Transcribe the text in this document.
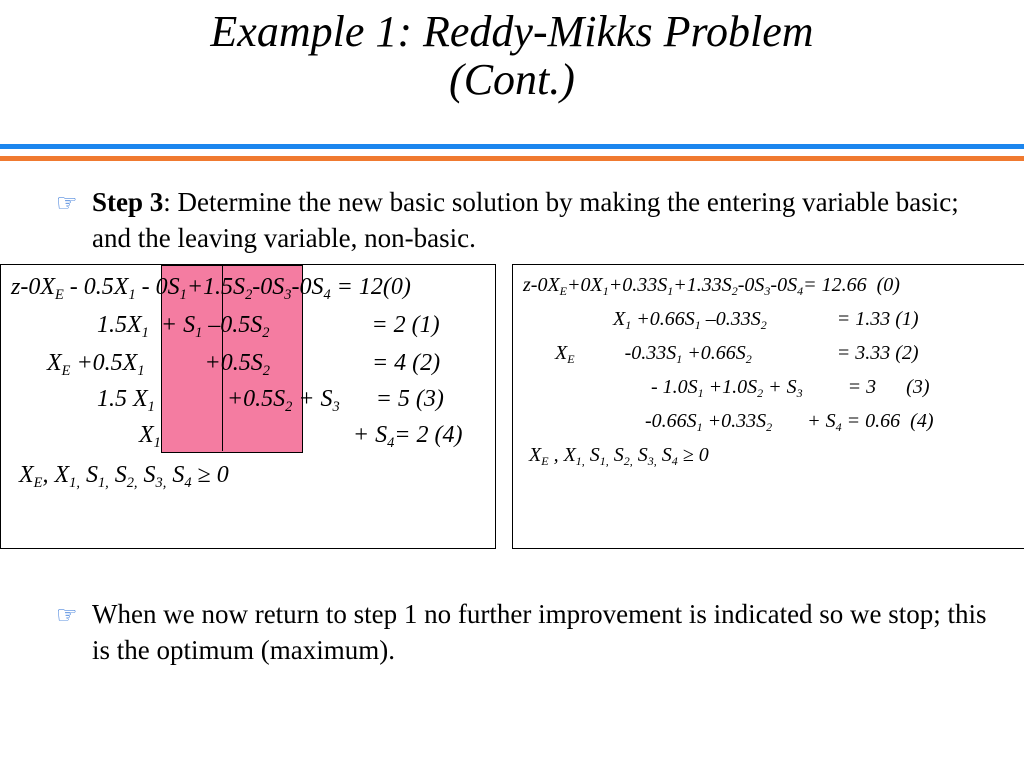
Example 1: Reddy-Mikks Problem
(Cont.)
☞ Step 3: Determine the new basic solution by making the entering variable basic; and the leaving variable, non-basic.
$z-0X_E - 0.5X_1 - 0S_1+1.5S_2-0S_3-0S_4 = 12(0)$
$1.5X_1 + S_1$ $-0.5S_2$                 = 2 (1)
$X_E +0.5X_1$          $+0.5S_2$                 = 4 (2)
1.5 $X_1$            $+0.5S_2 + S_3$      = 5 (3)
$X_1$                                + $S_4= 2$ (4)
$X_E$, $X_{1,}$ $S_{1,}$ $S_{2,}$ $S_{3,}$ $S_4 \ge 0$
$z-0X_E+0X_1+0.33S_1+1.33S_2-0S_3-0S_4= 12.66$  (0)
$X_1 +0.66S_1$ $-0.33S_2$              = 1.33 (1)
$X_E$          $-0.33S_1 +0.66S_2$                 = 3.33 (2)
- $1.0S_1 +1.0S_2 + S_3$         = 3      (3)
$-0.66S_1 +0.33S_2$       + $S_4 = 0.66$  (4)
$X_E$ , $X_{1,}$ $S_{1,}$ $S_{2,}$ $S_{3,}$ $S_4 \ge 0$
☞ When we now return to step 1 no further improvement is indicated so we stop; this is the optimum (maximum).
